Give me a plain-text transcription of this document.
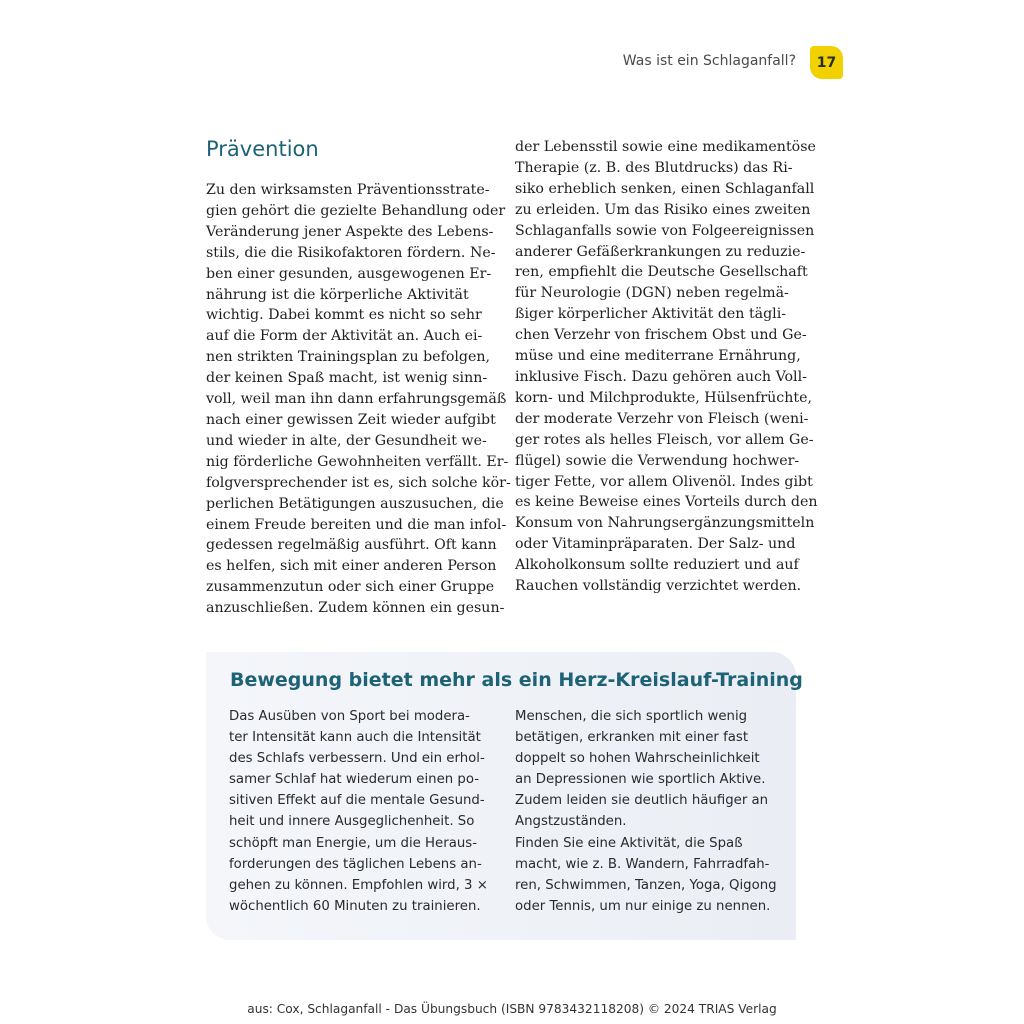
Was ist ein Schlaganfall? 17
Prävention
Zu den wirksamsten Präventionsstrate-
gien gehört die gezielte Behandlung oder
Veränderung jener Aspekte des Lebens-
stils, die die Risikofaktoren fördern. Ne-
ben einer gesunden, ausgewogenen Er-
nährung ist die körperliche Aktivität
wichtig. Dabei kommt es nicht so sehr
auf die Form der Aktivität an. Auch ei-
nen strikten Trainingsplan zu befolgen,
der keinen Spaß macht, ist wenig sinn-
voll, weil man ihn dann erfahrungsgemäß
nach einer gewissen Zeit wieder aufgibt
und wieder in alte, der Gesundheit we-
nig förderliche Gewohnheiten verfällt. Er-
folgversprechender ist es, sich solche kör-
perlichen Betätigungen auszusuchen, die
einem Freude bereiten und die man infol-
gedessen regelmäßig ausführt. Oft kann
es helfen, sich mit einer anderen Person
zusammenzutun oder sich einer Gruppe
anzuschließen. Zudem können ein gesun-
der Lebensstil sowie eine medikamentöse
Therapie (z. B. des Blutdrucks) das Ri-
siko erheblich senken, einen Schlaganfall
zu erleiden. Um das Risiko eines zweiten
Schlaganfalls sowie von Folgeereignissen
anderer Gefäßerkrankungen zu reduzie-
ren, empfiehlt die Deutsche Gesellschaft
für Neurologie (DGN) neben regelmä-
ßiger körperlicher Aktivität den tägli-
chen Verzehr von frischem Obst und Ge-
müse und eine mediterrane Ernährung,
inklusive Fisch. Dazu gehören auch Voll-
korn- und Milchprodukte, Hülsenfrüchte,
der moderate Verzehr von Fleisch (weni-
ger rotes als helles Fleisch, vor allem Ge-
flügel) sowie die Verwendung hochwer-
tiger Fette, vor allem Olivenöl. Indes gibt
es keine Beweise eines Vorteils durch den
Konsum von Nahrungsergänzungsmitteln
oder Vitaminpräparaten. Der Salz- und
Alkoholkonsum sollte reduziert und auf
Rauchen vollständig verzichtet werden.
Bewegung bietet mehr als ein Herz-Kreislauf-Training
Das Ausüben von Sport bei modera-
ter Intensität kann auch die Intensität
des Schlafs verbessern. Und ein erhol-
samer Schlaf hat wiederum einen po-
sitiven Effekt auf die mentale Gesund-
heit und innere Ausgeglichenheit. So
schöpft man Energie, um die Heraus-
forderungen des täglichen Lebens an-
gehen zu können. Empfohlen wird, 3 ×
wöchentlich 60 Minuten zu trainieren.
Menschen, die sich sportlich wenig
betätigen, erkranken mit einer fast
doppelt so hohen Wahrscheinlichkeit
an Depressionen wie sportlich Aktive.
Zudem leiden sie deutlich häufiger an
Angstzuständen.
Finden Sie eine Aktivität, die Spaß
macht, wie z. B. Wandern, Fahrradfah-
ren, Schwimmen, Tanzen, Yoga, Qigong
oder Tennis, um nur einige zu nennen.
aus: Cox, Schlaganfall - Das Übungsbuch (ISBN 9783432118208) © 2024 TRIAS Verlag
